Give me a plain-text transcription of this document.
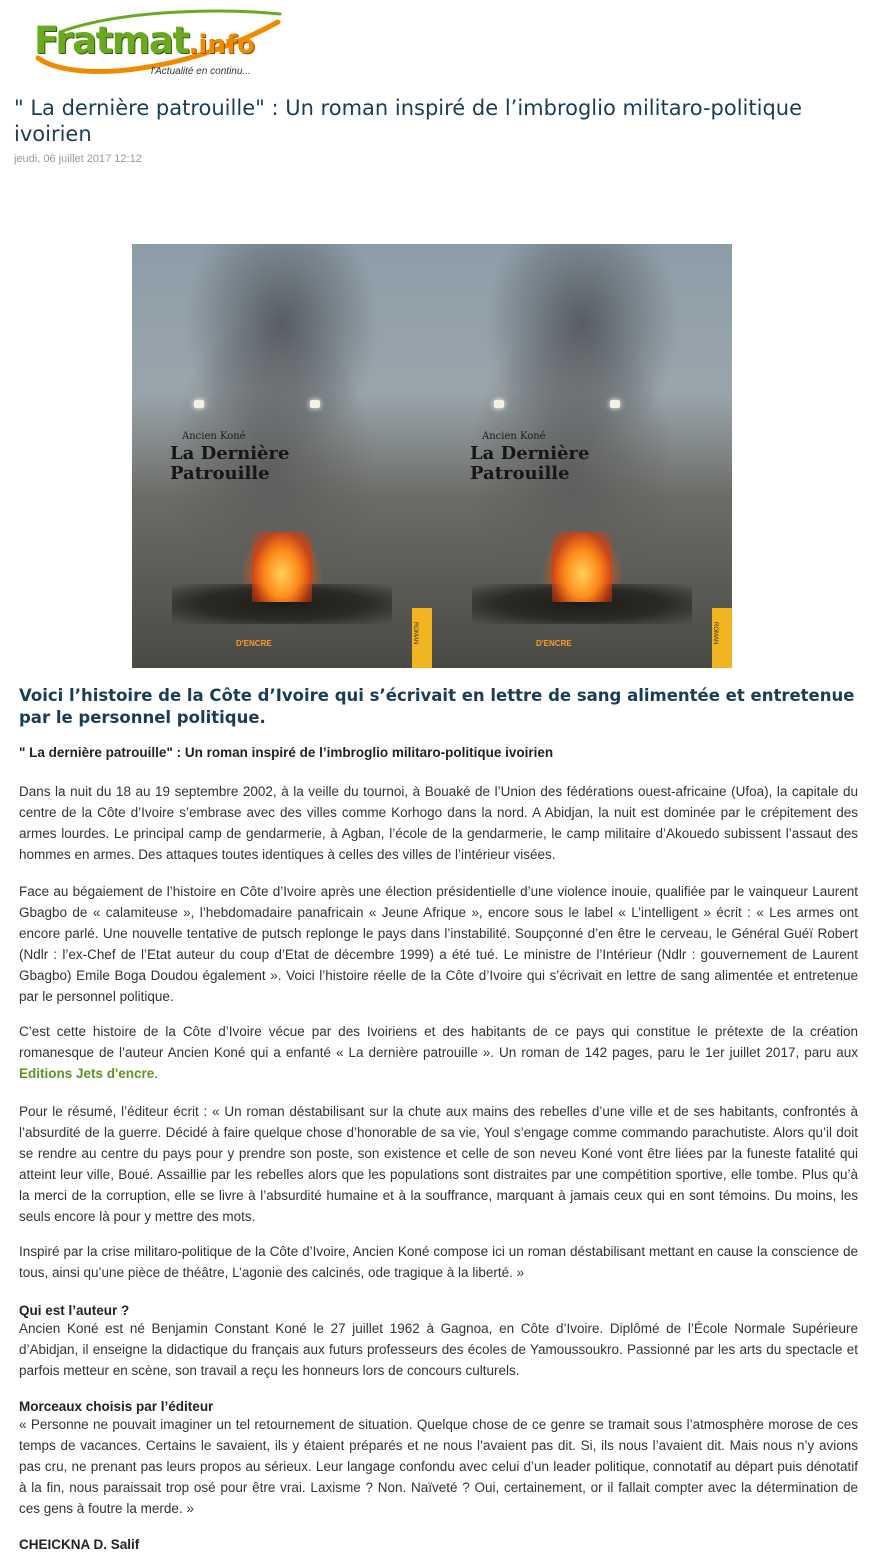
Fratmat.info
l'Actualité en continu...
" La dernière patrouille" : Un roman inspiré de l’imbroglio militaro-politique ivoirien
jeudi, 06 juillet 2017 12:12
Ancien Koné
La Dernière
Patrouille
D'ENCRE	ROMAN
Ancien Koné
La Dernière
Patrouille
D'ENCRE	ROMAN
Voici l’histoire de la Côte d’Ivoire qui s’écrivait en lettre de sang alimentée et entretenue par le personnel politique.
" La dernière patrouille" : Un roman inspiré de l’imbroglio militaro-politique ivoirien

Dans la nuit du 18 au 19 septembre 2002, à la veille du tournoi, à Bouaké de l’Union des fédérations ouest-africaine (Ufoa), la capitale du centre de la Côte d’Ivoire s’embrase avec des villes comme Korhogo dans la nord. A Abidjan, la nuit est dominée par le crépitement des armes lourdes. Le principal camp de gendarmerie, à Agban, l’école de la gendarmerie, le camp militaire d’Akouedo subissent l’assaut des hommes en armes. Des attaques toutes identiques à celles des villes de l’intérieur visées.

Face au bégaiement de l’histoire en Côte d’Ivoire après une élection présidentielle d’une violence inouie, qualifiée par le vainqueur Laurent Gbagbo de « calamiteuse », l’hebdomadaire panafricain « Jeune Afrique », encore sous le label « L’intelligent » écrit : « Les armes ont encore parlé. Une nouvelle tentative de putsch replonge le pays dans l’instabilité. Soupçonné d’en être le cerveau, le Général Guéï Robert (Ndlr : l’ex-Chef de l’Etat auteur du coup d’Etat de décembre 1999) a été tué. Le ministre de l’Intérieur (Ndlr : gouvernement de Laurent Gbagbo) Emile Boga Doudou également ». Voici l’histoire réelle de la Côte d’Ivoire qui s’écrivait en lettre de sang alimentée et entretenue par le personnel politique.

C’est cette histoire de la Côte d’Ivoire vécue par des Ivoiriens et des habitants de ce pays qui constitue le prétexte de la création romanesque de l’auteur Ancien Koné qui a enfanté « La dernière patrouille ». Un roman de 142 pages, paru le 1er juillet 2017, paru aux Editions Jets d'encre.

Pour le résumé, l’éditeur écrit : « Un roman déstabilisant sur la chute aux mains des rebelles d’une ville et de ses habitants, confrontés à l’absurdité de la guerre. Décidé à faire quelque chose d’honorable de sa vie, Youl s’engage comme commando parachutiste. Alors qu’il doit se rendre au centre du pays pour y prendre son poste, son existence et celle de son neveu Koné vont être liées par la funeste fatalité qui atteint leur ville, Boué. Assaillie par les rebelles alors que les populations sont distraites par une compétition sportive, elle tombe. Plus qu’à la merci de la corruption, elle se livre à l’absurdité humaine et à la souffrance, marquant à jamais ceux qui en sont témoins. Du moins, les seuls encore là pour y mettre des mots.

Inspiré par la crise militaro-politique de la Côte d’Ivoire, Ancien Koné compose ici un roman déstabilisant mettant en cause la conscience de tous, ainsi qu’une pièce de théâtre, L’agonie des calcinés, ode tragique à la liberté. »

Qui est l’auteur ?

Ancien Koné est né Benjamin Constant Koné le 27 juillet 1962 à Gagnoa, en Côte d’Ivoire. Diplômé de l’École Normale Supérieure d’Abidjan, il enseigne la didactique du français aux futurs professeurs des écoles de Yamoussoukro. Passionné par les arts du spectacle et parfois metteur en scène, son travail a reçu les honneurs lors de concours culturels.

Morceaux choisis par l’éditeur

« Personne ne pouvait imaginer un tel retournement de situation. Quelque chose de ce genre se tramait sous l’atmosphère morose de ces temps de vacances. Certains le savaient, ils y étaient préparés et ne nous l’avaient pas dit. Si, ils nous l’avaient dit. Mais nous n’y avions pas cru, ne prenant pas leurs propos au sérieux. Leur langage confondu avec celui d’un leader politique, connotatif au départ puis dénotatif à la fin, nous paraissait trop osé pour être vrai. Laxisme ? Non. Naïveté ? Oui, certainement, or il fallait compter avec la détermination de ces gens à foutre la merde. »

CHEICKNA D. Salif
